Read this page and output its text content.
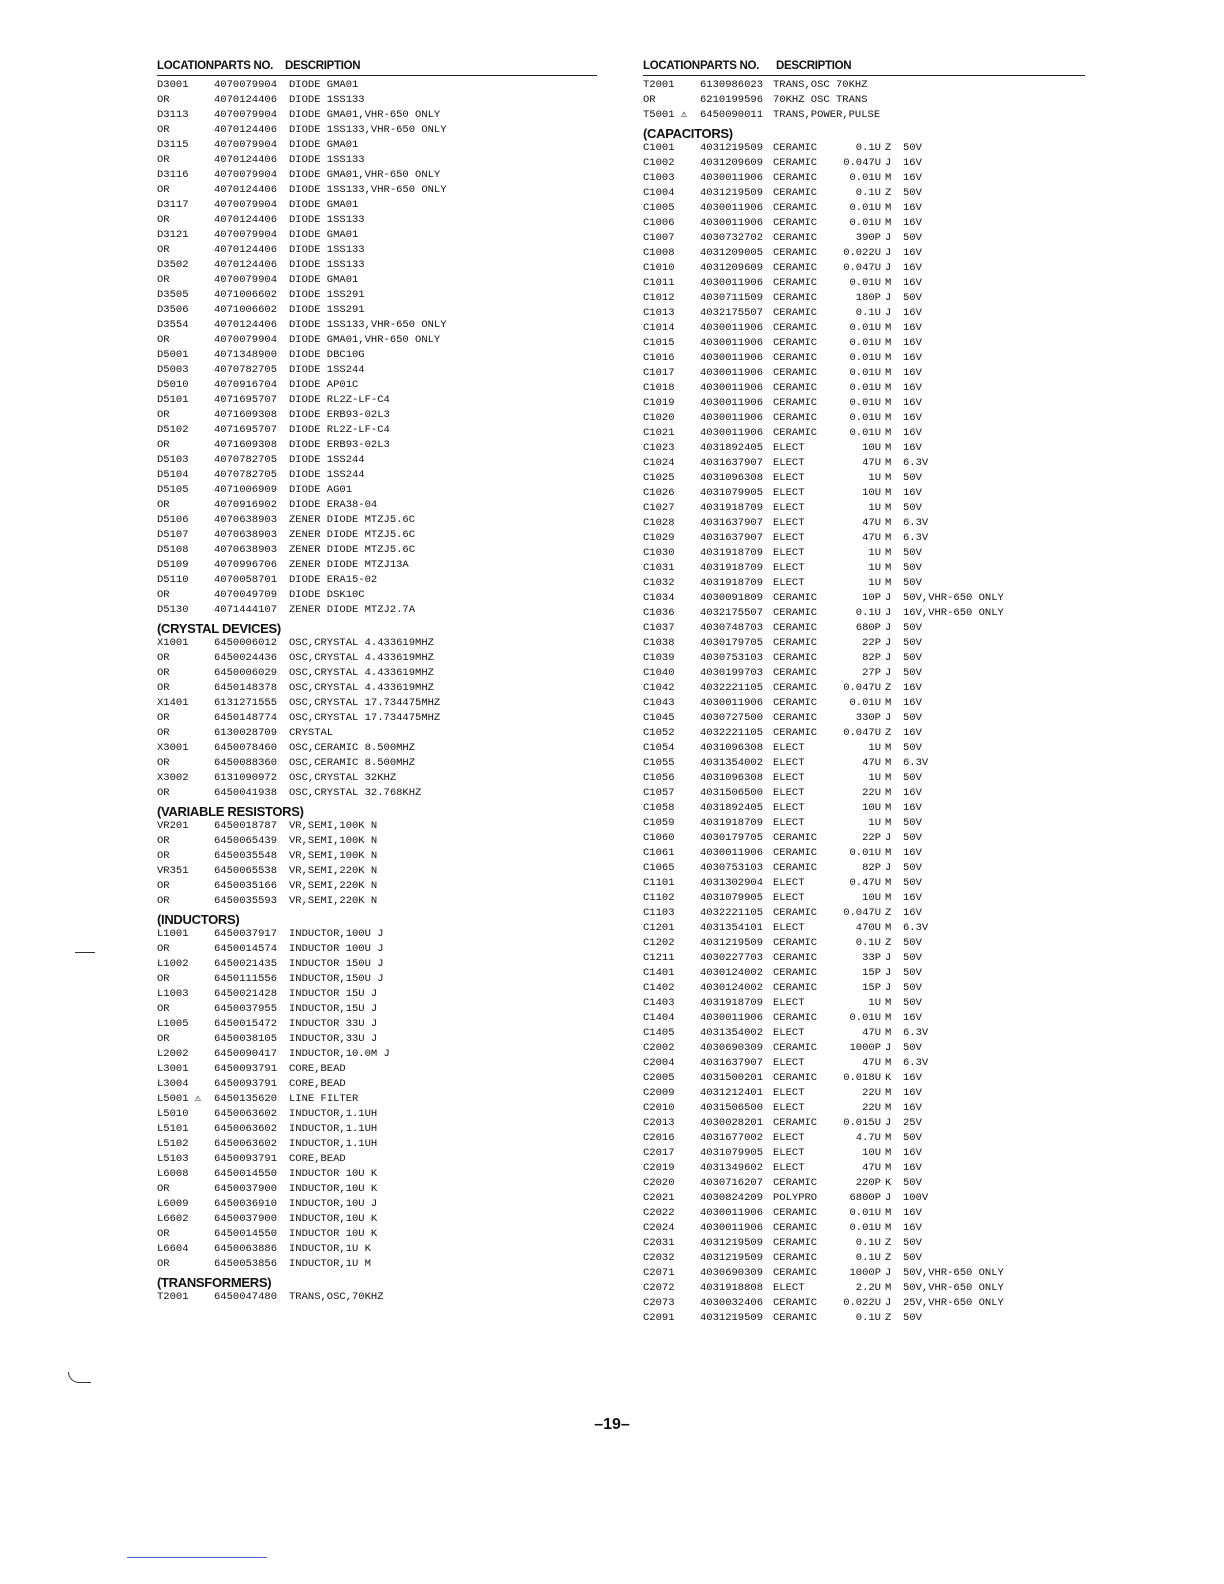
LOCATION PARTS NO. DESCRIPTION
D3001 4070079904 DIODE GMA01
OR	4070124406 DIODE 1SS133
D3113 4070079904 DIODE GMA01,VHR-650 ONLY
OR	4070124406 DIODE 1SS133,VHR-650 ONLY
D3115 4070079904 DIODE GMA01
OR	4070124406 DIODE 1SS133
D3116 4070079904 DIODE GMA01,VHR-650 ONLY
OR	4070124406 DIODE 1SS133,VHR-650 ONLY
D3117 4070079904 DIODE GMA01
OR	4070124406 DIODE 1SS133
D3121 4070079904 DIODE GMA01
OR	4070124406 DIODE 1SS133
D3502 4070124406 DIODE 1SS133
OR	4070079904 DIODE GMA01
D3505 4071006602 DIODE 1SS291
D3506 4071006602 DIODE 1SS291
D3554 4070124406 DIODE 1SS133,VHR-650 ONLY
OR	4070079904 DIODE GMA01,VHR-650 ONLY
D5001 4071348900 DIODE DBC10G
D5003 4070782705 DIODE 1SS244
D5010 4070916704 DIODE AP01C
D5101 4071695707 DIODE RL2Z-LF-C4
OR	4071609308 DIODE ERB93-02L3
D5102 4071695707 DIODE RL2Z-LF-C4
OR	4071609308 DIODE ERB93-02L3
D5103 4070782705 DIODE 1SS244
D5104 4070782705 DIODE 1SS244
D5105 4071006909 DIODE AG01
OR	4070916902 DIODE ERA38-04
D5106 4070638903 ZENER DIODE MTZJ5.6C
D5107 4070638903 ZENER DIODE MTZJ5.6C
D5108 4070638903 ZENER DIODE MTZJ5.6C
D5109 4070996706 ZENER DIODE MTZJ13A
D5110 4070058701 DIODE ERA15-02
OR	4070049709 DIODE DSK10C
D5130 4071444107 ZENER DIODE MTZJ2.7A
(CRYSTAL DEVICES)
X1001 6450006012 OSC,CRYSTAL 4.433619MHZ
OR	6450024436 OSC,CRYSTAL 4.433619MHZ
OR	6450006029 OSC,CRYSTAL 4.433619MHZ
OR	6450148378 OSC,CRYSTAL 4.433619MHZ
X1401 6131271555 OSC,CRYSTAL 17.734475MHZ
OR	6450148774 OSC,CRYSTAL 17.734475MHZ
OR	6130028709 CRYSTAL
X3001 6450078460 OSC,CERAMIC 8.500MHZ
OR	6450088360 OSC,CERAMIC 8.500MHZ
X3002 6131090972 OSC,CRYSTAL 32KHZ
OR	6450041938 OSC,CRYSTAL 32.768KHZ
(VARIABLE RESISTORS)
VR201 6450018787 VR,SEMI,100K N
OR	6450065439 VR,SEMI,100K N
OR	6450035548 VR,SEMI,100K N
VR351 6450065538 VR,SEMI,220K N
OR	6450035166 VR,SEMI,220K N
OR	6450035593 VR,SEMI,220K N
(INDUCTORS)
L1001 6450037917 INDUCTOR,100U J
OR	6450014574 INDUCTOR 100U J
L1002 6450021435 INDUCTOR 150U J
OR	6450111556 INDUCTOR,150U J
L1003 6450021428 INDUCTOR 15U J
OR	6450037955 INDUCTOR,15U J
L1005 6450015472 INDUCTOR 33U J
OR	6450038105 INDUCTOR,33U J
L2002 6450090417 INDUCTOR,10.0M J
L3001 6450093791 CORE,BEAD
L3004 6450093791 CORE,BEAD
L5001 ⚠ 6450135620 LINE FILTER
L5010 6450063602 INDUCTOR,1.1UH
L5101 6450063602 INDUCTOR,1.1UH
L5102 6450063602 INDUCTOR,1.1UH
L5103 6450093791 CORE,BEAD
L6008 6450014550 INDUCTOR 10U K
OR	6450037900 INDUCTOR,10U K
L6009 6450036910 INDUCTOR,10U J
L6602 6450037900 INDUCTOR,10U K
OR	6450014550 INDUCTOR 10U K
L6604 6450063886 INDUCTOR,1U K
OR	6450053856 INDUCTOR,1U M
(TRANSFORMERS)
T2001 6450047480 TRANS,OSC,70KHZ
LOCATION PARTS NO. DESCRIPTION
T2001 6130986023 TRANS,OSC 70KHZ
OR	6210199596 70KHZ OSC TRANS
T5001 ⚠ 6450090011 TRANS,POWER,PULSE
(CAPACITORS)
C1001 4031219509 CERAMIC	0.1U Z	50V
C1002 4031209609 CERAMIC	0.047U J	16V
C1003 4030011906 CERAMIC	0.01U M	16V
C1004 4031219509 CERAMIC	0.1U Z	50V
C1005 4030011906 CERAMIC	0.01U M	16V
C1006 4030011906 CERAMIC	0.01U M	16V
C1007 4030732702 CERAMIC	390P J	50V
C1008 4031209005 CERAMIC	0.022U J	16V
C1010 4031209609 CERAMIC	0.047U J	16V
C1011 4030011906 CERAMIC	0.01U M	16V
C1012 4030711509 CERAMIC	180P J	50V
C1013 4032175507 CERAMIC	0.1U J	16V
C1014 4030011906 CERAMIC	0.01U M	16V
C1015 4030011906 CERAMIC	0.01U M	16V
C1016 4030011906 CERAMIC	0.01U M	16V
C1017 4030011906 CERAMIC	0.01U M	16V
C1018 4030011906 CERAMIC	0.01U M	16V
C1019 4030011906 CERAMIC	0.01U M	16V
C1020 4030011906 CERAMIC	0.01U M	16V
C1021 4030011906 CERAMIC	0.01U M	16V
C1023 4031892405 ELECT	10U M	16V
C1024 4031637907 ELECT	47U M	6.3V
C1025 4031096308 ELECT	1U M	50V
C1026 4031079905 ELECT	10U M	16V
C1027 4031918709 ELECT	1U M	50V
C1028 4031637907 ELECT	47U M	6.3V
C1029 4031637907 ELECT	47U M	6.3V
C1030 4031918709 ELECT	1U M	50V
C1031 4031918709 ELECT	1U M	50V
C1032 4031918709 ELECT	1U M	50V
C1034 4030091809 CERAMIC	10P J	50V,VHR-650 ONLY
C1036 4032175507 CERAMIC	0.1U J	16V,VHR-650 ONLY
C1037 4030748703 CERAMIC	680P J	50V
C1038 4030179705 CERAMIC	22P J	50V
C1039 4030753103 CERAMIC	82P J	50V
C1040 4030199703 CERAMIC	27P J	50V
C1042 4032221105 CERAMIC	0.047U Z	16V
C1043 4030011906 CERAMIC	0.01U M	16V
C1045 4030727500 CERAMIC	330P J	50V
C1052 4032221105 CERAMIC	0.047U Z	16V
C1054 4031096308 ELECT	1U M	50V
C1055 4031354002 ELECT	47U M	6.3V
C1056 4031096308 ELECT	1U M	50V
C1057 4031506500 ELECT	22U M	16V
C1058 4031892405 ELECT	10U M	16V
C1059 4031918709 ELECT	1U M	50V
C1060 4030179705 CERAMIC	22P J	50V
C1061 4030011906 CERAMIC	0.01U M	16V
C1065 4030753103 CERAMIC	82P J	50V
C1101 4031302904 ELECT	0.47U M	50V
C1102 4031079905 ELECT	10U M	16V
C1103 4032221105 CERAMIC	0.047U Z	16V
C1201 4031354101 ELECT	470U M	6.3V
C1202 4031219509 CERAMIC	0.1U Z	50V
C1211 4030227703 CERAMIC	33P J	50V
C1401 4030124002 CERAMIC	15P J	50V
C1402 4030124002 CERAMIC	15P J	50V
C1403 4031918709 ELECT	1U M	50V
C1404 4030011906 CERAMIC	0.01U M	16V
C1405 4031354002 ELECT	47U M	6.3V
C2002 4030690309 CERAMIC	1000P J	50V
C2004 4031637907 ELECT	47U M	6.3V
C2005 4031500201 CERAMIC	0.018U K	16V
C2009 4031212401 ELECT	22U M	16V
C2010 4031506500 ELECT	22U M	16V
C2013 4030028201 CERAMIC	0.015U J	25V
C2016 4031677002 ELECT	4.7U M	50V
C2017 4031079905 ELECT	10U M	16V
C2019 4031349602 ELECT	47U M	16V
C2020 4030716207 CERAMIC	220P K	50V
C2021 4030824209 POLYPRO	6800P J	100V
C2022 4030011906 CERAMIC	0.01U M	16V
C2024 4030011906 CERAMIC	0.01U M	16V
C2031 4031219509 CERAMIC	0.1U Z	50V
C2032 4031219509 CERAMIC	0.1U Z	50V
C2071 4030690309 CERAMIC	1000P J	50V,VHR-650 ONLY
C2072 4031918808 ELECT	2.2U M	50V,VHR-650 ONLY
C2073 4030032406 CERAMIC	0.022U J	25V,VHR-650 ONLY
C2091 4031219509 CERAMIC	0.1U Z	50V
–19–
